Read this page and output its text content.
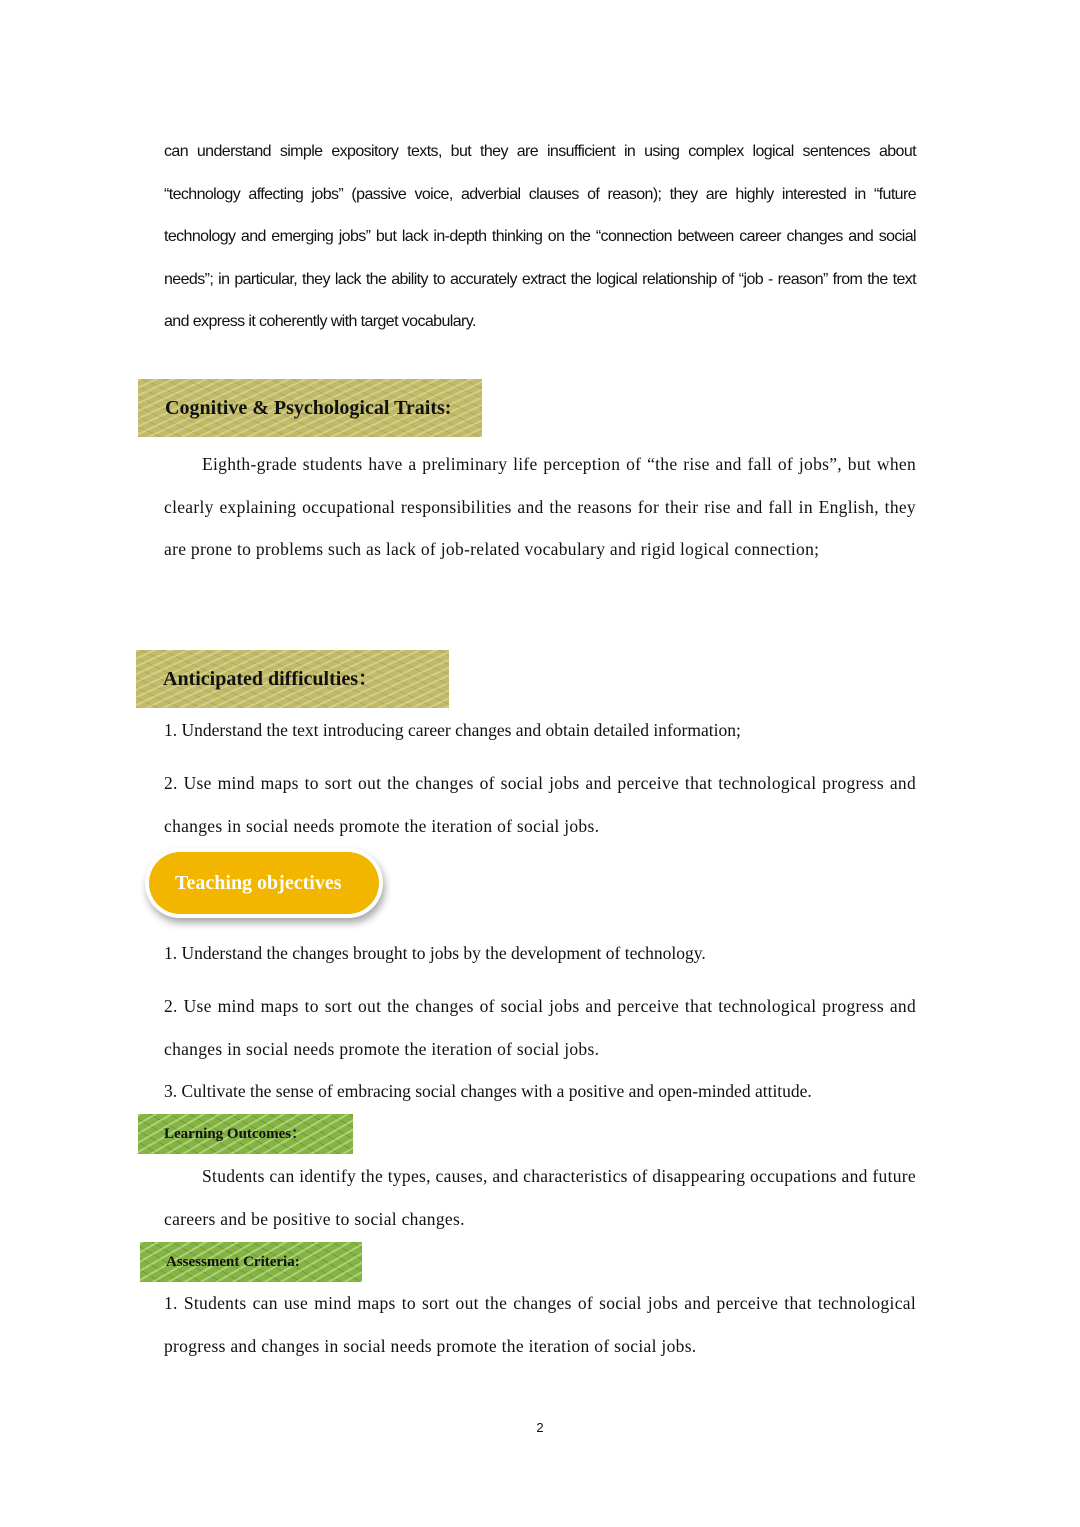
can understand simple expository texts, but they are insufficient in using complex logical sentences about “technology affecting jobs” (passive voice, adverbial clauses of reason); they are highly interested in “future technology and emerging jobs” but lack in-depth thinking on the “connection between career changes and social needs”; in particular, they lack the ability to accurately extract the logical relationship of “job - reason” from the text and express it coherently with target vocabulary.

Cognitive & Psychological Traits:

Eighth-grade students have a preliminary life perception of “the rise and fall of jobs”, but when clearly explaining occupational responsibilities and the reasons for their rise and fall in English, they are prone to problems such as lack of job-related vocabulary and rigid logical connection;

Anticipated difficulties：

1. Understand the text introducing career changes and obtain detailed information;

2. Use mind maps to sort out the changes of social jobs and perceive that technological progress and changes in social needs promote the iteration of social jobs.

Teaching objectives

1. Understand the changes brought to jobs by the development of technology.

2. Use mind maps to sort out the changes of social jobs and perceive that technological progress and changes in social needs promote the iteration of social jobs.

3. Cultivate the sense of embracing social changes with a positive and open-minded attitude.

Learning Outcomes：

Students can identify the types, causes, and characteristics of disappearing occupations and future careers and be positive to social changes.

Assessment Criteria:

1. Students can use mind maps to sort out the changes of social jobs and perceive that technological progress and changes in social needs promote the iteration of social jobs.

2
